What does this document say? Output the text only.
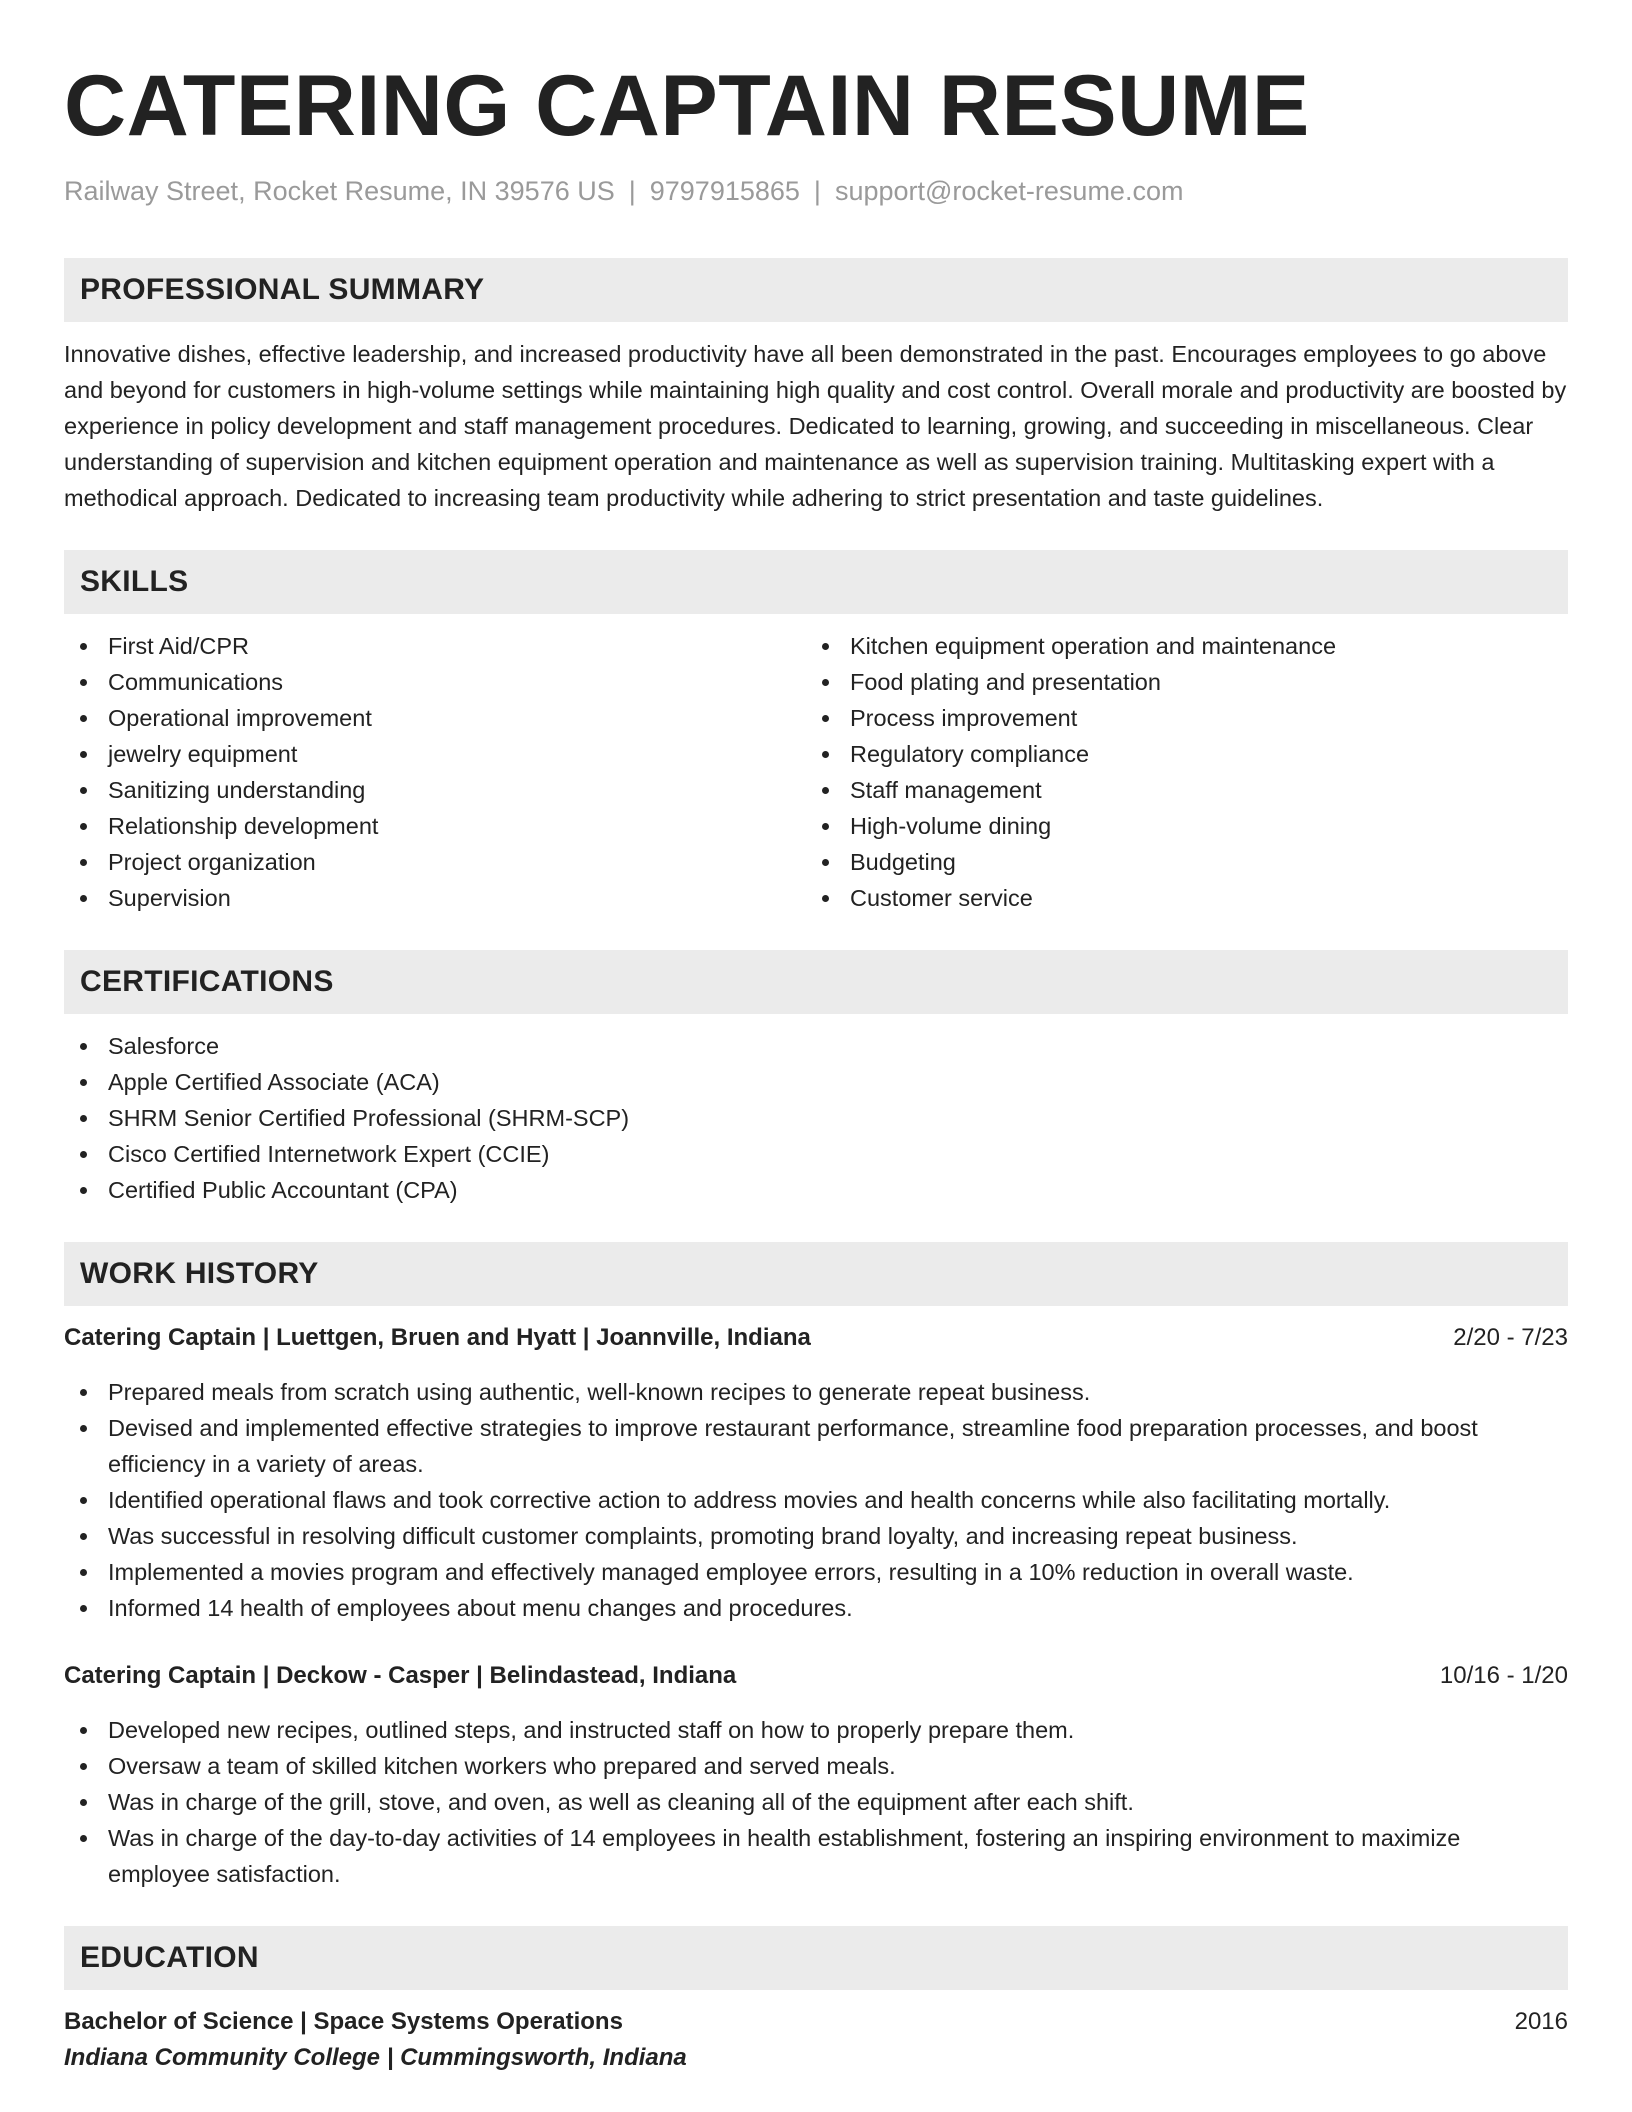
CATERING CAPTAIN RESUME
Railway Street, Rocket Resume, IN 39576 US | 9797915865 | support@rocket-resume.com
PROFESSIONAL SUMMARY

Innovative dishes, effective leadership, and increased productivity have all been demonstrated in the past. Encourages employees to go above and beyond for customers in high-volume settings while maintaining high quality and cost control. Overall morale and productivity are boosted by experience in policy development and staff management procedures. Dedicated to learning, growing, and succeeding in miscellaneous. Clear understanding of supervision and kitchen equipment operation and maintenance as well as supervision training. Multitasking expert with a methodical approach. Dedicated to increasing team productivity while adhering to strict presentation and taste guidelines.

SKILLS
First Aid/CPR
Communications
Operational improvement
jewelry equipment
Sanitizing understanding
Relationship development
Project organization
Supervision
Kitchen equipment operation and maintenance
Food plating and presentation
Process improvement
Regulatory compliance
Staff management
High-volume dining
Budgeting
Customer service
CERTIFICATIONS
Salesforce
Apple Certified Associate (ACA)
SHRM Senior Certified Professional (SHRM-SCP)
Cisco Certified Internetwork Expert (CCIE)
Certified Public Accountant (CPA)
WORK HISTORY
Catering Captain | Luettgen, Bruen and Hyatt | Joannville, Indiana	2/20 - 7/23
Prepared meals from scratch using authentic, well-known recipes to generate repeat business.
Devised and implemented effective strategies to improve restaurant performance, streamline food preparation processes, and boost efficiency in a variety of areas.
Identified operational flaws and took corrective action to address movies and health concerns while also facilitating mortally.
Was successful in resolving difficult customer complaints, promoting brand loyalty, and increasing repeat business.
Implemented a movies program and effectively managed employee errors, resulting in a 10% reduction in overall waste.
Informed 14 health of employees about menu changes and procedures.
Catering Captain | Deckow - Casper | Belindastead, Indiana	10/16 - 1/20
Developed new recipes, outlined steps, and instructed staff on how to properly prepare them.
Oversaw a team of skilled kitchen workers who prepared and served meals.
Was in charge of the grill, stove, and oven, as well as cleaning all of the equipment after each shift.
Was in charge of the day-to-day activities of 14 employees in health establishment, fostering an inspiring environment to maximize employee satisfaction.
EDUCATION
Bachelor of Science | Space Systems Operations	2016
Indiana Community College | Cummingsworth, Indiana
